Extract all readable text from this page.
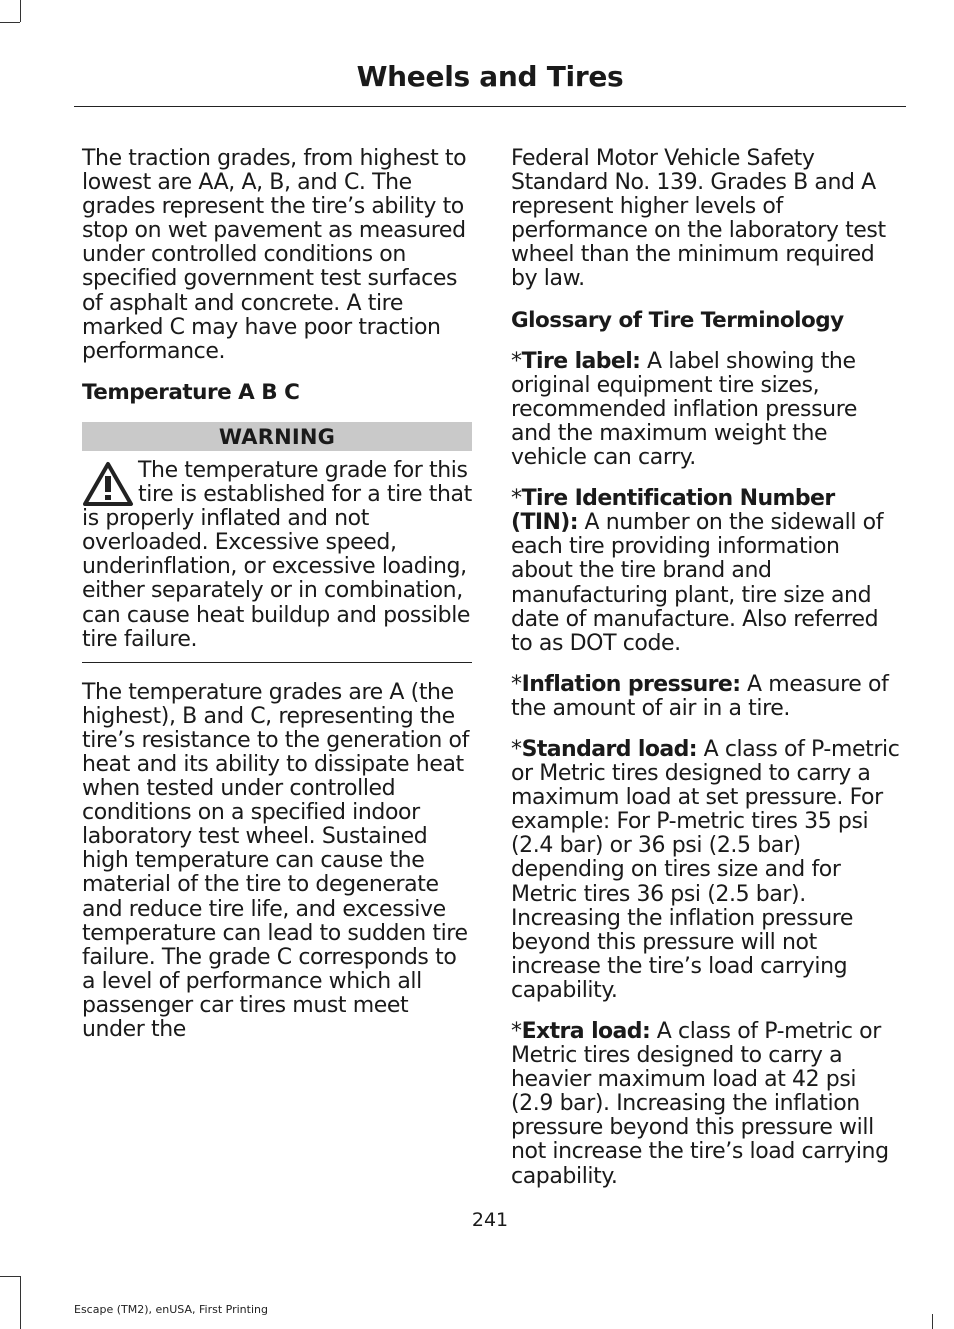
Wheels and Tires

The traction grades, from highest to lowest are AA, A, B, and C. The grades represent the tire’s ability to stop on wet pavement as measured under controlled conditions on specified government test surfaces of asphalt and concrete. A tire marked C may have poor traction performance.

Temperature A B C
WARNING

The temperature grade for this tire is established for a tire that is properly inflated and not overloaded. Excessive speed, underinflation, or excessive loading, either separately or in combination, can cause heat buildup and possible tire failure.

The temperature grades are A (the highest), B and C, representing the tire’s resistance to the generation of heat and its ability to dissipate heat when tested under controlled conditions on a specified indoor laboratory test wheel. Sustained high temperature can cause the material of the tire to degenerate and reduce tire life, and excessive temperature can lead to sudden tire failure. The grade C corresponds to a level of performance which all passenger car tires must meet under the

Federal Motor Vehicle Safety Standard No. 139. Grades B and A represent higher levels of performance on the laboratory test wheel than the minimum required by law.

Glossary of Tire Terminology

*Tire label: A label showing the original equipment tire sizes, recommended inflation pressure and the maximum weight the vehicle can carry.

*Tire Identification Number (TIN): A number on the sidewall of each tire providing information about the tire brand and manufacturing plant, tire size and date of manufacture. Also referred to as DOT code.

*Inflation pressure: A measure of the amount of air in a tire.

*Standard load: A class of P-metric or Metric tires designed to carry a maximum load at set pressure. For example: For P-metric tires 35 psi (2.4 bar) or 36 psi (2.5 bar) depending on tires size and for Metric tires 36 psi (2.5 bar). Increasing the inflation pressure beyond this pressure will not increase the tire’s load carrying capability.

*Extra load: A class of P-metric or Metric tires designed to carry a heavier maximum load at 42 psi (2.9 bar). Increasing the inflation pressure beyond this pressure will not increase the tire’s load carrying capability.

241
Escape (TM2), enUSA, First Printing
